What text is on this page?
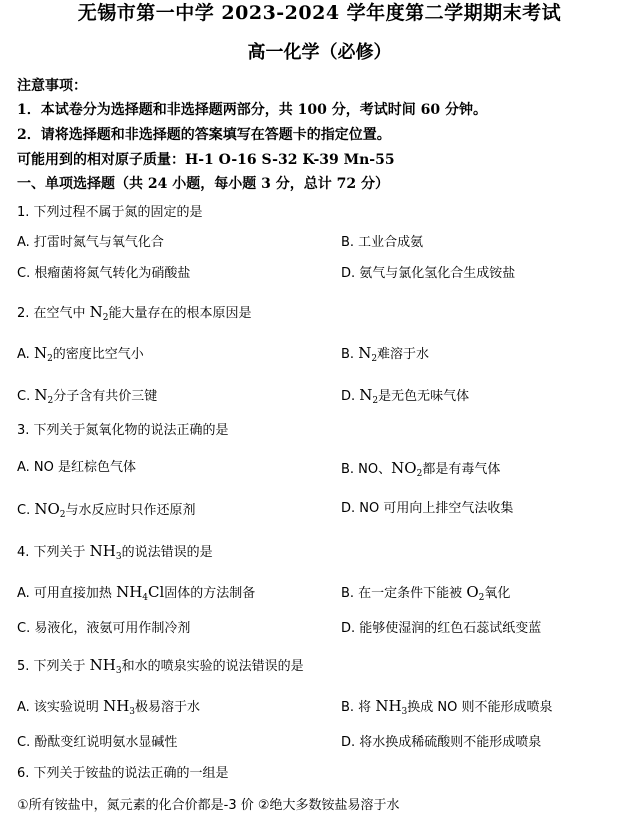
无锡市第一中学 2023-2024 学年度第二学期期末考试
高一化学（必修）
注意事项：
1．本试卷分为选择题和非选择题两部分，共 100 分，考试时间 60 分钟。
2．请将选择题和非选择题的答案填写在答题卡的指定位置。
可能用到的相对原子质量：H-1 O-16 S-32 K-39 Mn-55
一、单项选择题（共 24 小题，每小题 3 分，总计 72 分）
1. 下列过程不属于氮的固定的是
A. 打雷时氮气与氧气化合	B. 工业合成氨
C. 根瘤菌将氮气转化为硝酸盐	D. 氨气与氯化氢化合生成铵盐
2. 在空气中 $N_2$能大量存在的根本原因是
A. $N_2$的密度比空气小	B. $N_2$难溶于水
C. $N_2$分子含有共价三键	D. $N_2$是无色无味气体
3. 下列关于氮氧化物的说法正确的是
A. NO 是红棕色气体	B. NO、$NO_2$都是有毒气体
C. $NO_2$与水反应时只作还原剂	D. NO 可用向上排空气法收集
4. 下列关于 $NH_3$的说法错误的是
A. 可用直接加热 $NH_4Cl$固体的方法制备	B. 在一定条件下能被 $O_2$氧化
C. 易液化，液氨可用作制冷剂	D. 能够使湿润的红色石蕊试纸变蓝
5. 下列关于 $NH_3$和水的喷泉实验的说法错误的是
A. 该实验说明 $NH_3$极易溶于水	B. 将 $NH_3$换成 NO 则不能形成喷泉
C. 酚酞变红说明氨水显碱性	D. 将水换成稀硫酸则不能形成喷泉
6. 下列关于铵盐的说法正确的一组是
①所有铵盐中，氮元素的化合价都是-3 价 ②绝大多数铵盐易溶于水
